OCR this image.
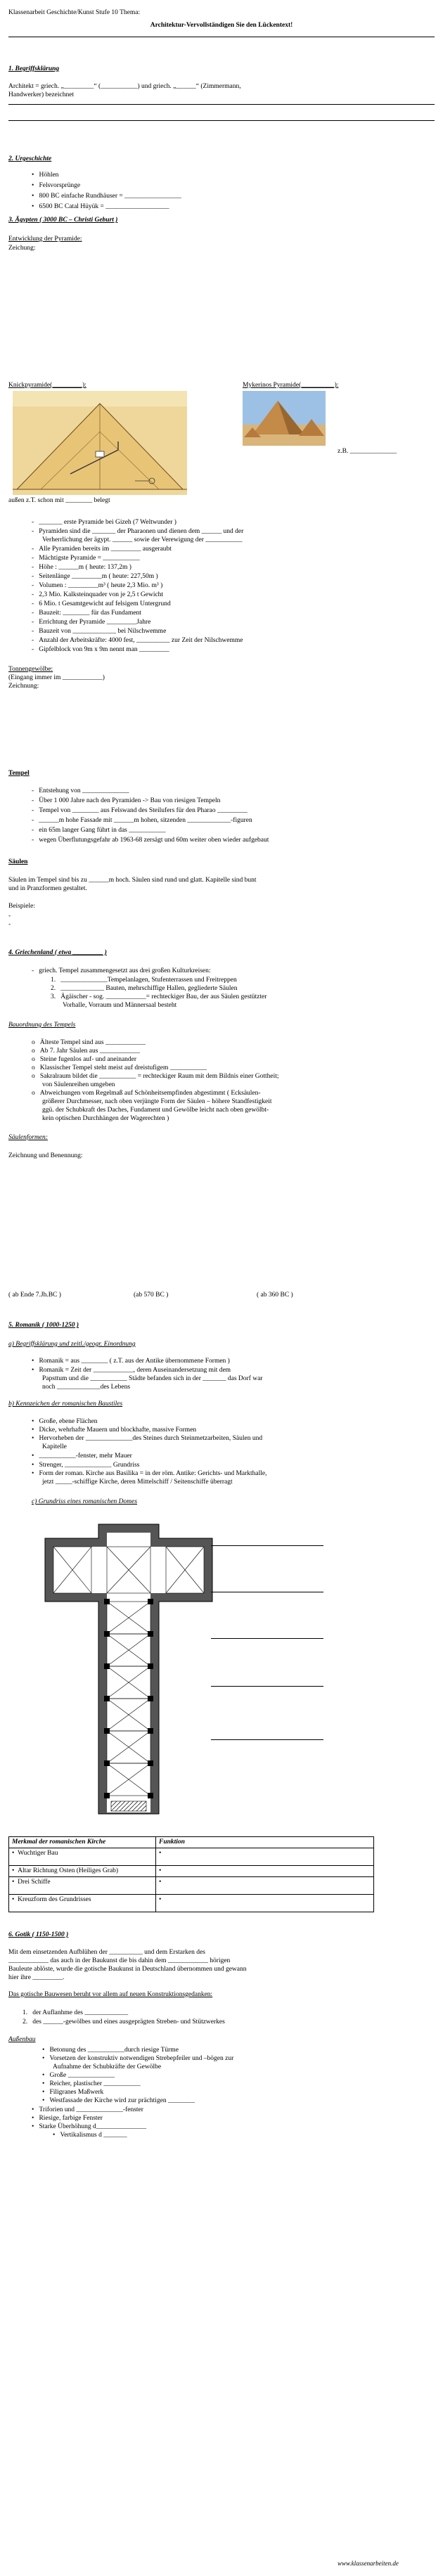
Klassenarbeit Geschichte/Kunst Stufe 10 Thema:
Architektur-Vervollständigen Sie den Lückentext!
1. Begriffsklärung
Architekt = griech. „_________“ (___________) und griech. „______“ (Zimmermann,
Handwerker) bezeichnet
2. Urgeschichte
•   Höhlen
•   Felsvorsprünge
•   800 BC einfache Rundhäuser = _________________
•   6500 BC Catal Hüyük = ___________________
3. Ägypten ( 3000 BC – Christi Geburt )
Entwicklung der Pyramide:
Zeichung:
Knickpyramide(_________):	Mykerinos Pyramide(__________):
z.B. ______________
außen z.T. schon mit ________ belegt
-   _______ erste Pyramide bei Gizeh (7 Weltwunder )
-   Pyramiden sind die _______ der Pharaonen und dienen dem ______ und der
Verherrlichung der ägypt. ______ sowie der Verewigung der ___________
-   Alle Pyramiden bereits im _________ ausgeraubt
-   Mächtigste Pyramide = ___________
-   Höhe : ______m ( heute: 137,2m )
-   Seitenlänge _________m ( heute: 227,50m )
-   Volumen : _________m³ ( heute 2,3 Mio. m³ )
-   2,3 Mio. Kalksteinquader von je 2,5 t Gewicht
-   6 Mio. t Gesamtgewicht auf felsigem Untergrund
-   Bauzeit: ________ für das Fundament
-   Errichtung der Pyramide _________Jahre
-   Bauzeit von _____________ bei Nilschwemme
-   Anzahl der Arbeitskräfte: 4000 fest, __________ zur Zeit der Nilschwemme
-   Gipfelblock von 9m x 9m nennt man _________
Tonnengewölbe:
(Eingang immer im ____________)
Zeichnung:
Tempel
-   Entstehung von ______________
-   Über 1 000 Jahre nach den Pyramiden -> Bau von riesigen Tempeln
-   Tempel von ________ aus Felswand des Steilufers für den Pharao _________
-   ______m hohe Fassade mit ______m hohen, sitzenden _____________-figuren
-   ein 65m langer Gang führt in das ___________
-   wegen Überflutungsgefahr ab 1963-68 zersägt und 60m weiter oben wieder aufgebaut
Säulen
Säulen im Tempel sind bis zu ______m hoch. Säulen sind rund und glatt. Kapitelle sind bunt
und in Pranzformen gestaltet.
Beispiele:
-
-
4. Griechenland ( etwa _________ )
-   griech. Tempel zusammengesetzt aus drei großen Kulturkreisen:
1.   ______________Tempelanlagen, Stufenterrassen und Freitreppen
2.   _____________ Bauten, mehrschiffige Hallen, gegliederte Säulen
3.   Ägäischer - sog. ____________= rechteckiger Bau, der aus Säulen gestützter
Vorhalle, Vorraum und Männersaal besteht
Bauordnung des Tempels
o   Älteste Tempel sind aus ____________
o   Ab 7. Jahr Säulen aus ____________
o   Steine fugenlos auf- und aneinander
o   Klassischer Tempel steht meist auf dreistufigem ___________
o   Sakralraum bildet die ___________ = rechteckiger Raum mit dem Bildnis einer Gottheit;
von Säulenreihen umgeben
o   Abweichungen vom Regelmaß auf Schönheitsempfinden abgestimmt ( Ecksäulen-
größerer Durchmesser, nach oben verjüngte Form der Säulen – höhere Standfestigkeit
ggü. der Schubkraft des Daches, Fundament und Gewölbe leicht nach oben gewölbt-
kein optischen Durchhängen der Wagerechten )
Säulenformen:
Zeichnung und Benennung:
( ab Ende 7.Jh.BC )	(ab 570 BC )	( ab 360 BC )
5. Romanik ( 1000-1250 )
a) Begriffsklärung und zeitl./geogr. Einordnung
•   Romanik = aus ________ ( z.T. aus der Antike übernommene Formen )
•   Romanik = Zeit der ____________, deren Auseinandersetzung mit dem
Papsttum und die ___________ Städte befanden sich in der _______ das Dorf war
noch _____________des Lebens
b) Kennzeichen der romanischen Baustiles
•   Große, ebene Flächen
•   Dicke, wehrhafte Mauern und blockhafte, massive Formen
•   Hervorheben der ______________des Steines durch Steinmetzarbeiten, Säulen und
Kapitelle
•   ___________-fenster, mehr Mauer
•   Strenger, ______________ Grundriss
•   Form der roman. Kirche aus Basilika = in der röm. Antike: Gerichts- und Markthalle,
jetzt _____-schiffige Kirche, deren Mittelschiff / Seitenschiffe überragt
c) Grundriss eines romanischen Domes
Merkmal der romanischen Kirche	Funktion
•  Wuchtiger Bau	•
•  Altar Richtung Osten (Heiliges Grab)	•
•  Drei Schiffe	•
•  Kreuzform des Grundrisses	•
6. Gotik ( 1150-1500 )
Mit dem einsetzenden Aufblühen der __________ und dem Erstarken des
____________ das auch in der Baukunst die bis dahin dem ____________ hörigen
Bauleute ablöste, wurde die gotische Baukunst in Deutschland übernommen und gewann
hier ihre _________.
Das gotische Bauwesen beruht vor allem auf neuen Konstruktionsgedanken:
1.   der Auflanhme des _____________
2.   des ______-gewölbes und eines ausgeprägten Streben- und Stützwerkes
Außenbau
•   Betonung des ___________durch riesige Türme
•   Vorsetzen der konstruktiv notwendigen Strebepfeiler und –bögen zur
Aufnahme der Schubkräfte der Gewölbe
•   Große ______________
•   Reicher, plastischer ___________
•   Filigranes Maßwerk
•   Westfassade der Kirche wird zur prächtigen ________
•   Triforien und ______________-fenster
•   Riesige, farbige Fenster
•   Starke Überhöhung d_______________
•   Vertikalismus d _______
www.klassenarbeiten.de
